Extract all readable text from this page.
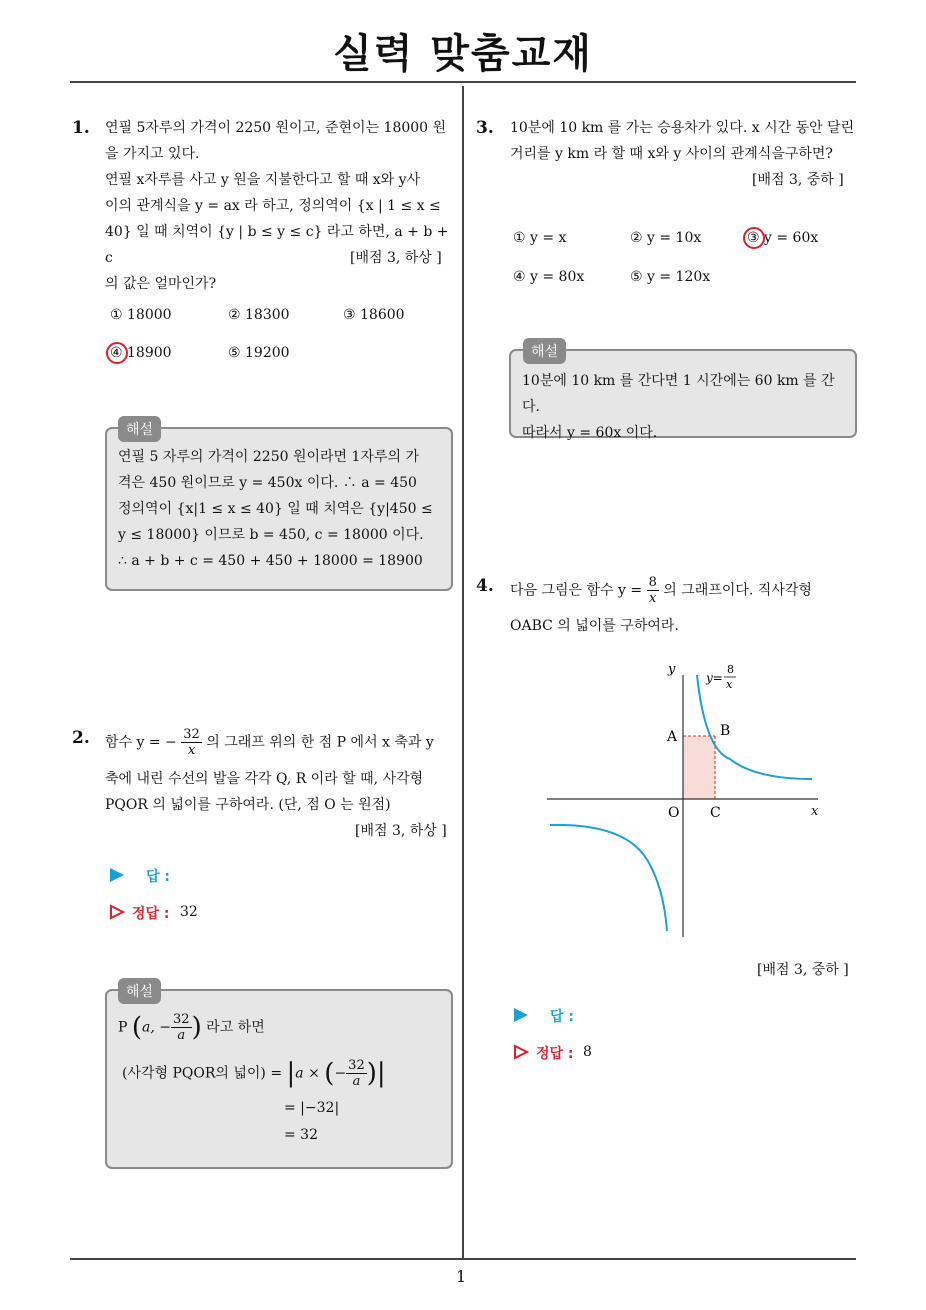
실력 맞춤교재
1. 연필 5자루의 가격이 2250 원이고, 준현이는 18000 원
을 가지고 있다.
연필 x자루를 사고 y 원을 지불한다고 할 때 x와 y사
이의 관계식을 y = ax 라 하고, 정의역이 {x | 1 ≤ x ≤
40} 일 때 치역이 {y | b ≤ y ≤ c} 라고 하면, a + b + c
의 값은 얼마인가?
[배점 3, 하상 ]
① 18000	② 18300	③ 18600
④ 18900	⑤ 19200
해설
연필 5 자루의 가격이 2250 원이라면 1자루의 가
격은 450 원이므로 y = 450x 이다. ∴ a = 450
정의역이 {x|1 ≤ x ≤ 40} 일 때 치역은 {y|450 ≤
y ≤ 18000} 이므로 b = 450, c = 18000 이다.
∴ a + b + c = 450 + 450 + 18000 = 18900
2. 함수 y = − $\frac{32}{x}$ 의 그래프 위의 한 점 P 에서 x 축과 y
축에 내린 수선의 발을 각각 Q, R 이라 할 때, 사각형
PQOR 의 넓이를 구하여라. (단, 점 O 는 원점)
[배점 3, 하상 ]
답 :
정답 : 32
해설
P (a, − $\frac{32}{a}$ ) 라고 하면
(사각형 PQOR의 넓이) = |a × (− $\frac{32}{a}$ )|
= |−32|
= 32
3. 10분에 10 km 를 가는 승용차가 있다. x 시간 동안 달린
거리를 y km 라 할 때 x와 y 사이의 관계식을구하면?
[배점 3, 중하 ]
① y = x	② y = 10x	③ y = 60x
④ y = 80x	⑤ y = 120x
해설
10분에 10 km 를 간다면 1 시간에는 60 km 를 간다.
따라서 y = 60x 이다.
4. 다음 그림은 함수 $y = \frac{8}{x}$ 의 그래프이다. 직사각형
OABC 의 넓이를 구하여라.
y
x
y=
8
x
A	B
O C
[배점 3, 중하 ]
답 :
정답 : 8
1
